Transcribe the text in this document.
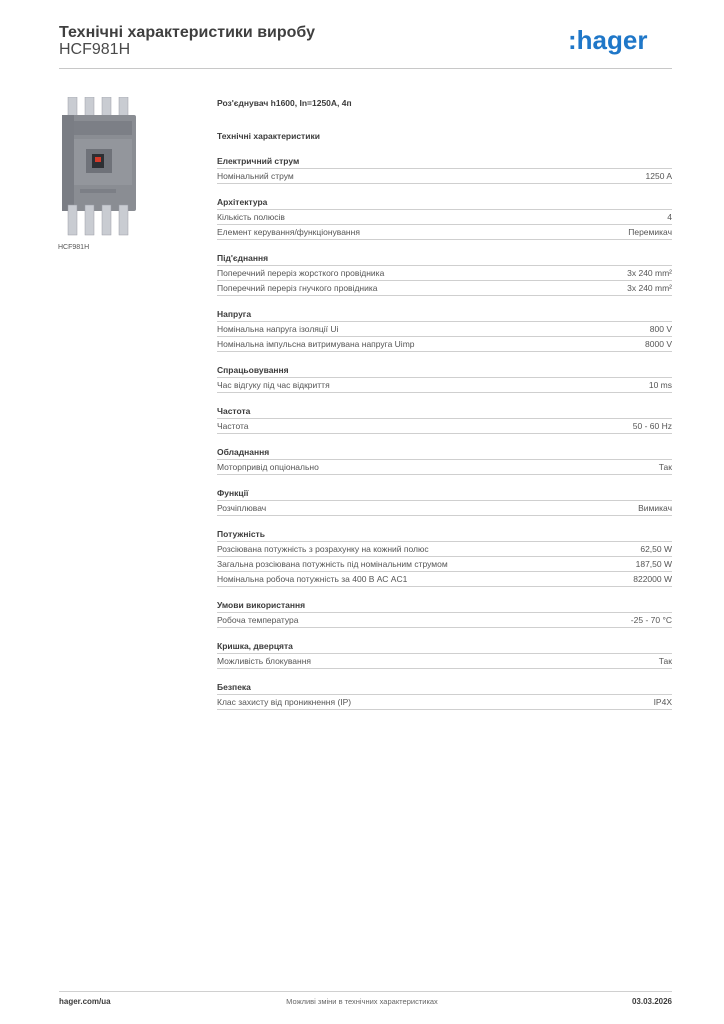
Технічні характеристики виробу
HCF981H	:hager
HCF981H
Роз'єднувач h1600, In=1250A, 4п
Технічні характеристики
Електричний струм
Номінальний струм	1250 A
Архітектура
Кількість полюсів	4
Елемент керування/функціонування	Перемикач
Під'єднання
Поперечний переріз жорсткого провідника	3x 240 mm²
Поперечний переріз гнучкого провідника	3x 240 mm²
Напруга
Номінальна напруга ізоляції Ui	800 V
Номінальна імпульсна витримувана напруга Uimp	8000 V
Спрацьовування
Час відгуку під час відкриття	10 ms
Частота
Частота	50 - 60 Hz
Обладнання
Моторпривід опціонально	Так
Функції
Розчіплювач	Вимикач
Потужність
Розсіювана потужність з розрахунку на кожний полюс	62,50 W
Загальна розсіювана потужність під номінальним струмом	187,50 W
Номінальна робоча потужність за 400 В АС AC1	822000 W
Умови використання
Робоча температура	-25 - 70 °C
Кришка, дверцята
Можливість блокування	Так
Безпека
Клас захисту від проникнення (IP)	IP4X
hager.com/ua	Можливі зміни в технічних характеристиках	03.03.2026
